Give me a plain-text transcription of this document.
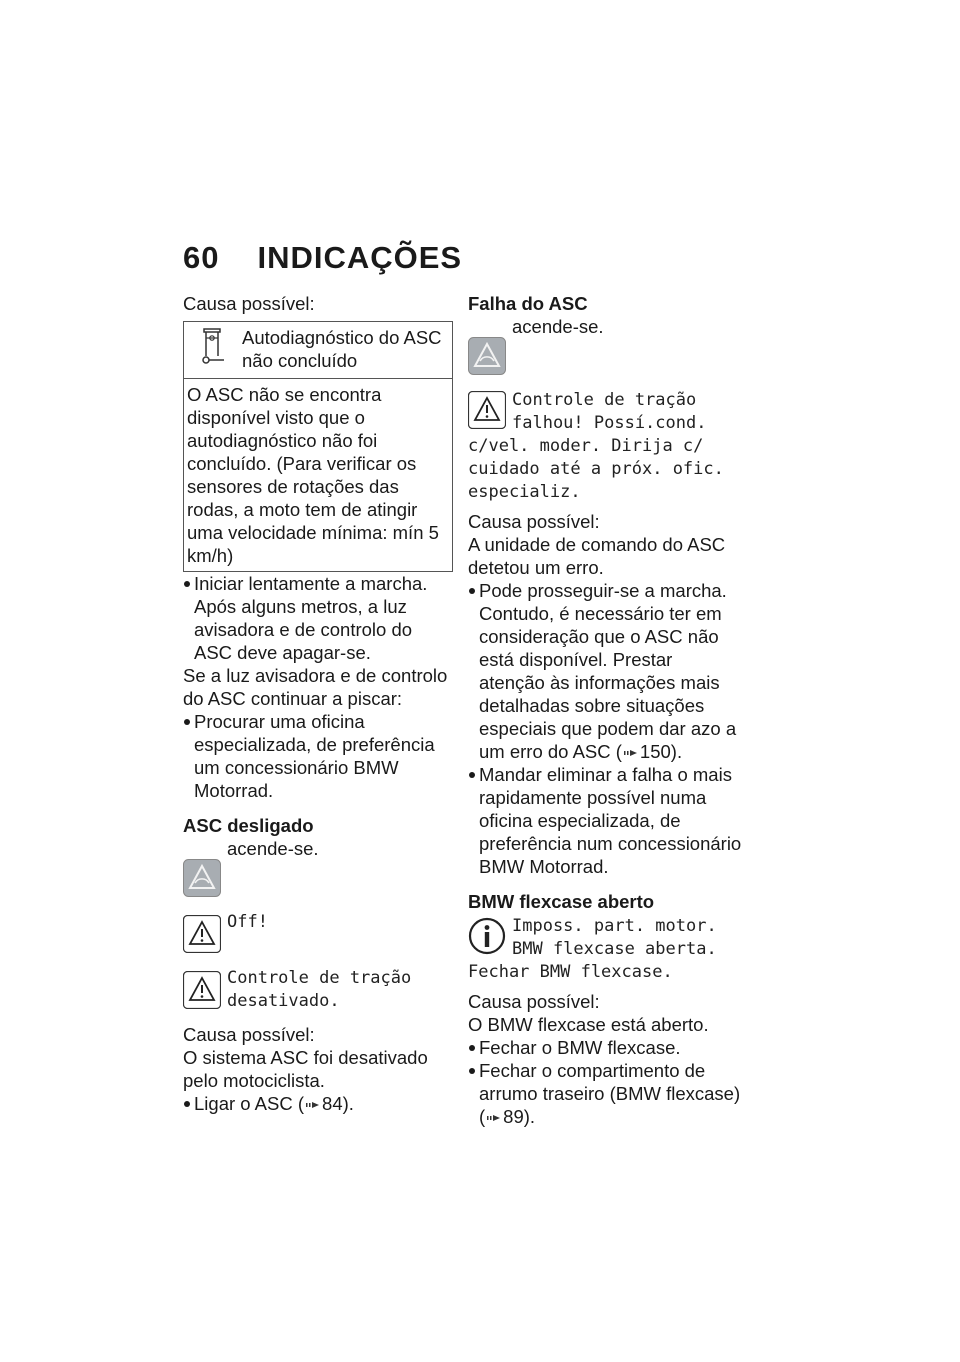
60 INDICAÇÕES

Causa possível:

Autodiagnóstico do ASC não concluído
O ASC não se encontra disponível visto que o autodiagnóstico não foi concluído. (Para verificar os sensores de rotações das rodas, a moto tem de atingir uma velocidade mínima: mín 5 km/h)

Iniciar lentamente a marcha. Após alguns metros, a luz avisadora e de controlo do ASC deve apagar-se.

Se a luz avisadora e de controlo do ASC continuar a piscar:

Procurar uma oficina especializada, de preferência um concessionário BMW Motorrad.

ASC desligado

acende-se.
Off!
Controle de tração desativado.

Causa possível:

O sistema ASC foi desativado pelo motociclista.

Ligar o ASC ( 84).

Falha do ASC

acende-se.
Controle de tração falhou! Possí.cond. c/vel. moder. Dirija c/ cuidado até a próx. ofic. especializ.

Causa possível:

A unidade de comando do ASC detetou um erro.

Pode prosseguir-se a marcha. Contudo, é necessário ter em consideração que o ASC não está disponível. Prestar atenção às informações mais detalhadas sobre situações especiais que podem dar azo a um erro do ASC ( 150).

Mandar eliminar a falha o mais rapidamente possível numa oficina especializada, de preferência num concessionário BMW Motorrad.

BMW flexcase aberto

Imposs. part. motor. BMW flexcase aberta. Fechar BMW flexcase.

Causa possível:

O BMW flexcase está aberto.

Fechar o BMW flexcase.

Fechar o compartimento de arrumo traseiro (BMW flexcase) ( 89).
